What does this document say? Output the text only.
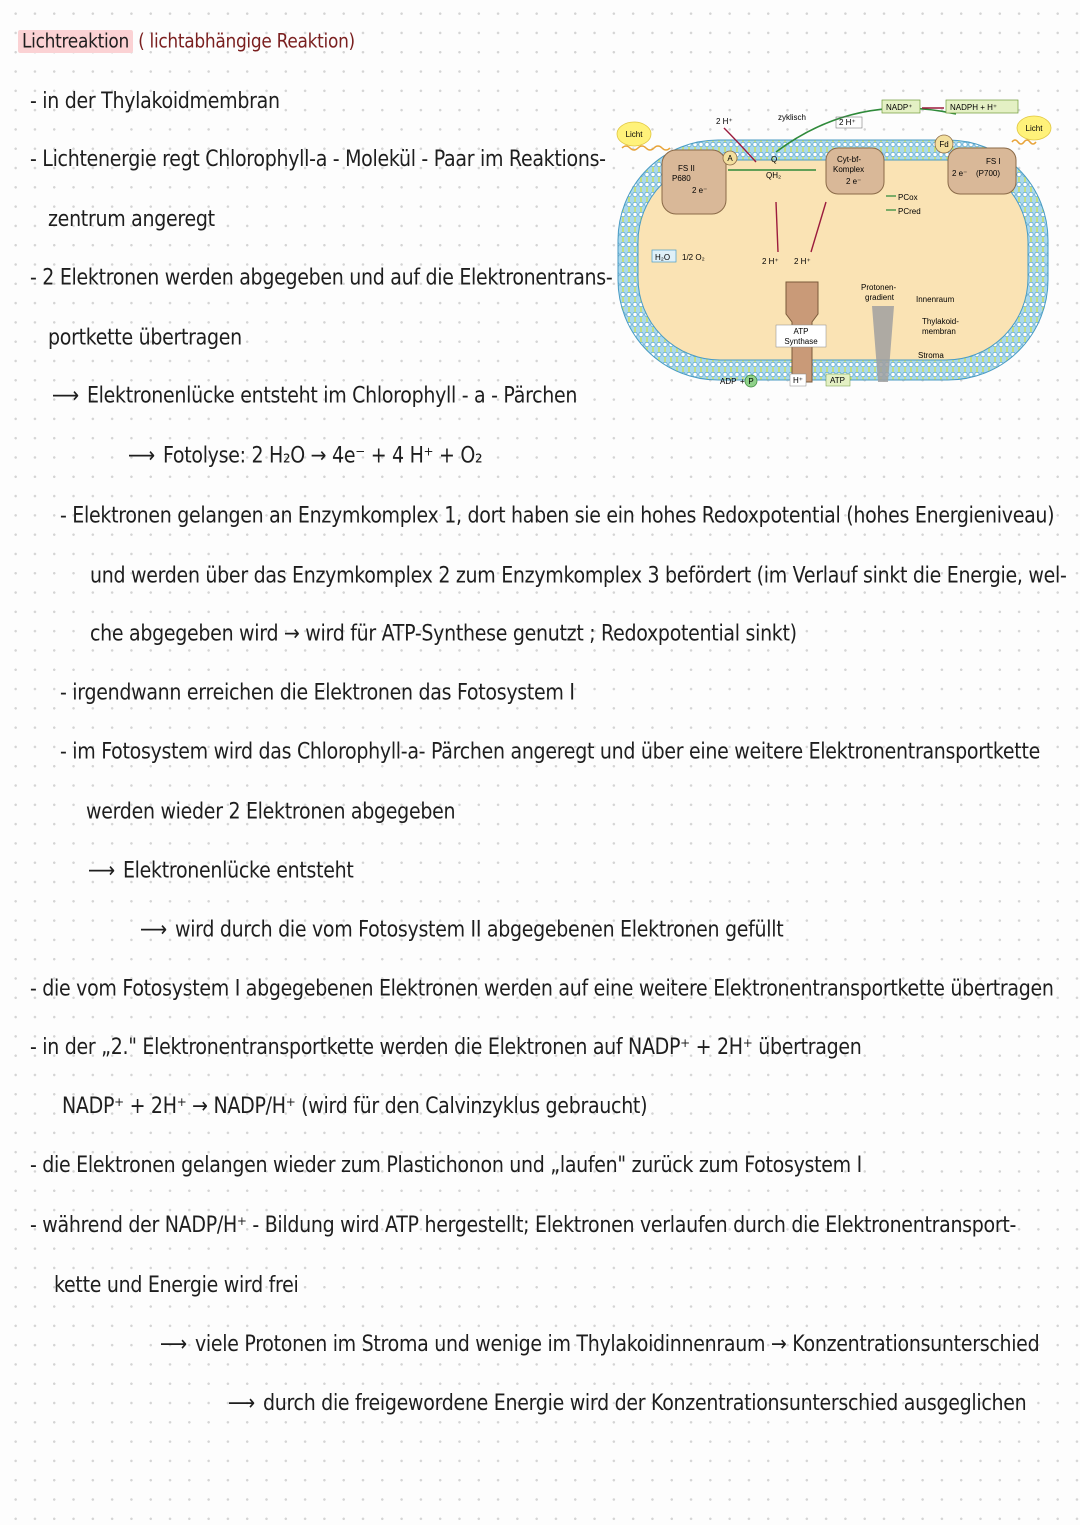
Lichtreaktion ( lichtabhängige Reaktion)
- in der Thylakoidmembran
- Lichtenergie regt Chlorophyll-a - Molekül - Paar im Reaktions-
zentrum angeregt
- 2 Elektronen werden abgegeben und auf die Elektronentrans-
portkette übertragen
⟶ Elektronenlücke entsteht im Chlorophyll - a - Pärchen
⟶ Fotolyse: 2 H₂O → 4e⁻ + 4 H⁺ + O₂
- Elektronen gelangen an Enzymkomplex 1, dort haben sie ein hohes Redoxpotential (hohes Energieniveau)
und werden über das Enzymkomplex 2 zum Enzymkomplex 3 befördert (im Verlauf sinkt die Energie, wel-
che abgegeben wird → wird für ATP-Synthese genutzt ; Redoxpotential sinkt)
- irgendwann erreichen die Elektronen das Fotosystem I
- im Fotosystem wird das Chlorophyll-a- Pärchen angeregt und über eine weitere Elektronentransportkette
werden wieder 2 Elektronen abgegeben
⟶ Elektronenlücke entsteht
⟶ wird durch die vom Fotosystem II abgegebenen Elektronen gefüllt
- die vom Fotosystem I abgegebenen Elektronen werden auf eine weitere Elektronentransportkette übertragen
- in der „2." Elektronentransportkette werden die Elektronen auf NADP⁺ + 2H⁺ übertragen
NADP⁺ + 2H⁺ → NADP/H⁺ (wird für den Calvinzyklus gebraucht)
- die Elektronen gelangen wieder zum Plastichonon und „laufen" zurück zum Fotosystem I
- während der NADP/H⁺ - Bildung wird ATP hergestellt; Elektronen verlaufen durch die Elektronentransport-
kette und Energie wird frei
⟶ viele Protonen im Stroma und wenige im Thylakoidinnenraum → Konzentrationsunterschied
⟶ durch die freigewordene Energie wird der Konzentrationsunterschied ausgeglichen
Licht
Licht
FS II
P680
2 e⁻
A
2 H⁺	zyklisch
2 H⁺
Q
QH₂
Cyt-bf-
Komplex
2 e⁻
NADP⁺	NADPH + H⁺
Fd
FS I
2 e⁻ (P700)
PCox
PCred
H₂O 1/2 O₂	2 H⁺ 2 H⁺
ATP
Synthase
Protonen-
gradient	Innenraum
Thylakoid-
membran
Stroma
ADP + P	H⁺	ATP
